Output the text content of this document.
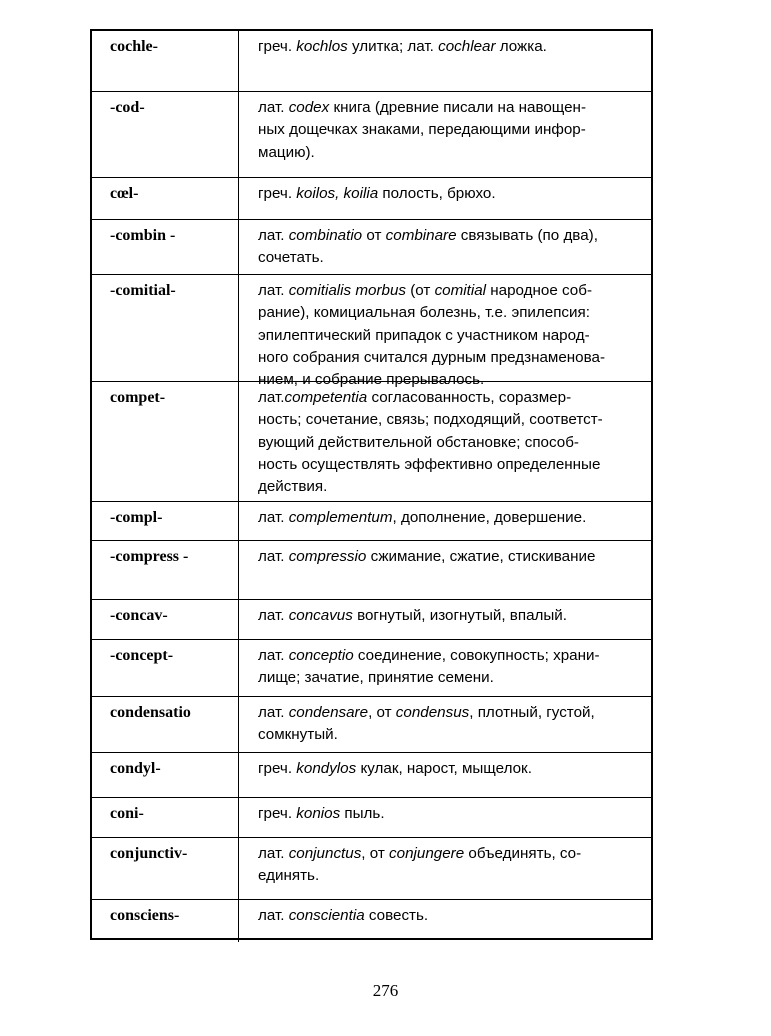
cochle-	греч. kochlos улитка; лат. cochlear ложка.
-cod-	лат. codex книга (древние писали на навощен-
ных дощечках знаками, передающими инфор-
мацию).
cœl-	греч. koilos, koilia полость, брюхо.
-combin -	лат. combinatio от combinare связывать (по два),
сочетать.
-comitial-	лат. comitialis morbus (от comitial народное соб-
рание), комициальная болезнь, т.е. эпилепсия:
эпилептический припадок с участником народ-
ного собрания считался дурным предзнаменова-
нием, и собрание прерывалось.
compet-	лат.competentia согласованность, соразмер-
ность; сочетание, связь; подходящий, соответст-
вующий действительной обстановке; способ-
ность осуществлять эффективно определенные
действия.
-compl-	лат. complementum, дополнение, довершение.
-compress -	лат. compressio сжимание, сжатие, стискивание
-concav-	лат. concavus вогнутый, изогнутый, впалый.
-concept-	лат. conceptio соединение, совокупность; храни-
лище; зачатие, принятие семени.
condensatio	лат. condensare, от condensus, плотный, густой,
сомкнутый.
condyl-	греч. kondylos кулак, нарост, мыщелок.
coni-	греч. konios пыль.
conjunctiv-	лат. conjunctus, от conjungere объединять, со-
единять.
consciens-	лат. conscientia совесть.
276
